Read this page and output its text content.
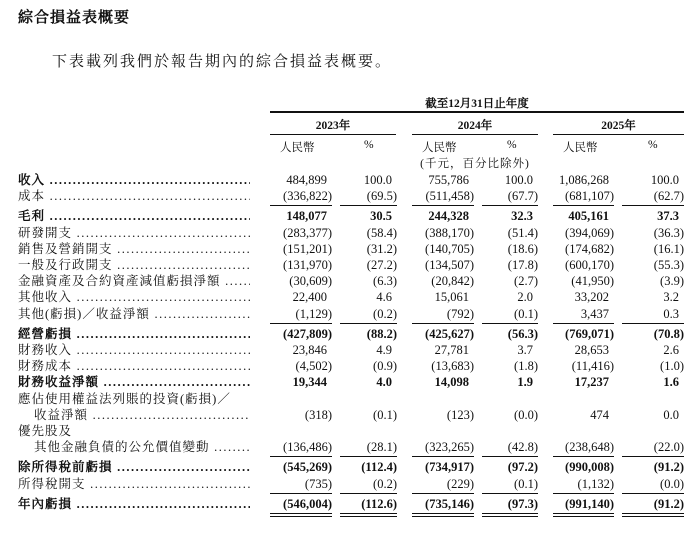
綜合損益表概要
下表載列我們於報告期內的綜合損益表概要。
截至12月31日止年度
2023年	2024年	2025年
人民幣	%	人民幣	%	人民幣	%
(千元，百分比除外)
收入 .....	484,899	100.0	755,786	100.0	1,086,268	100.0
成本 .....	(336,822)	(69.5)	(511,458)	(67.7)	(681,107)	(62.7)
毛利 .....	148,077	30.5	244,328	32.3	405,161	37.3
研發開支 .....	(283,377)	(58.4)	(388,170)	(51.4)	(394,069)	(36.3)
銷售及營銷開支 .....	(151,201)	(31.2)	(140,705)	(18.6)	(174,682)	(16.1)
一般及行政開支 .....	(131,970)	(27.2)	(134,507)	(17.8)	(600,170)	(55.3)
金融資產及合約資產減值虧損淨額 .....	(30,609)	(6.3)	(20,842)	(2.7)	(41,950)	(3.9)
其他收入 .....	22,400	4.6	15,061	2.0	33,202	3.2
其他(虧損)／收益淨額 .....	(1,129)	(0.2)	(792)	(0.1)	3,437	0.3
經營虧損 .....	(427,809)	(88.2)	(425,627)	(56.3)	(769,071)	(70.8)
財務收入 .....	23,846	4.9	27,781	3.7	28,653	2.6
財務成本 .....	(4,502)	(0.9)	(13,683)	(1.8)	(11,416)	(1.0)
財務收益淨額 .....	19,344	4.0	14,098	1.9	17,237	1.6
應佔使用權益法列賬的投資(虧損)／
收益淨額 .....	(318)	(0.1)	(123)	(0.0)	474	0.0
優先股及
其他金融負債的公允價值變動 .....	(136,486)	(28.1)	(323,265)	(42.8)	(238,648)	(22.0)
除所得稅前虧損 .....	(545,269)	(112.4)	(734,917)	(97.2)	(990,008)	(91.2)
所得稅開支 .....	(735)	(0.2)	(229)	(0.1)	(1,132)	(0.0)
年內虧損 .....	(546,004)	(112.6)	(735,146)	(97.3)	(991,140)	(91.2)
